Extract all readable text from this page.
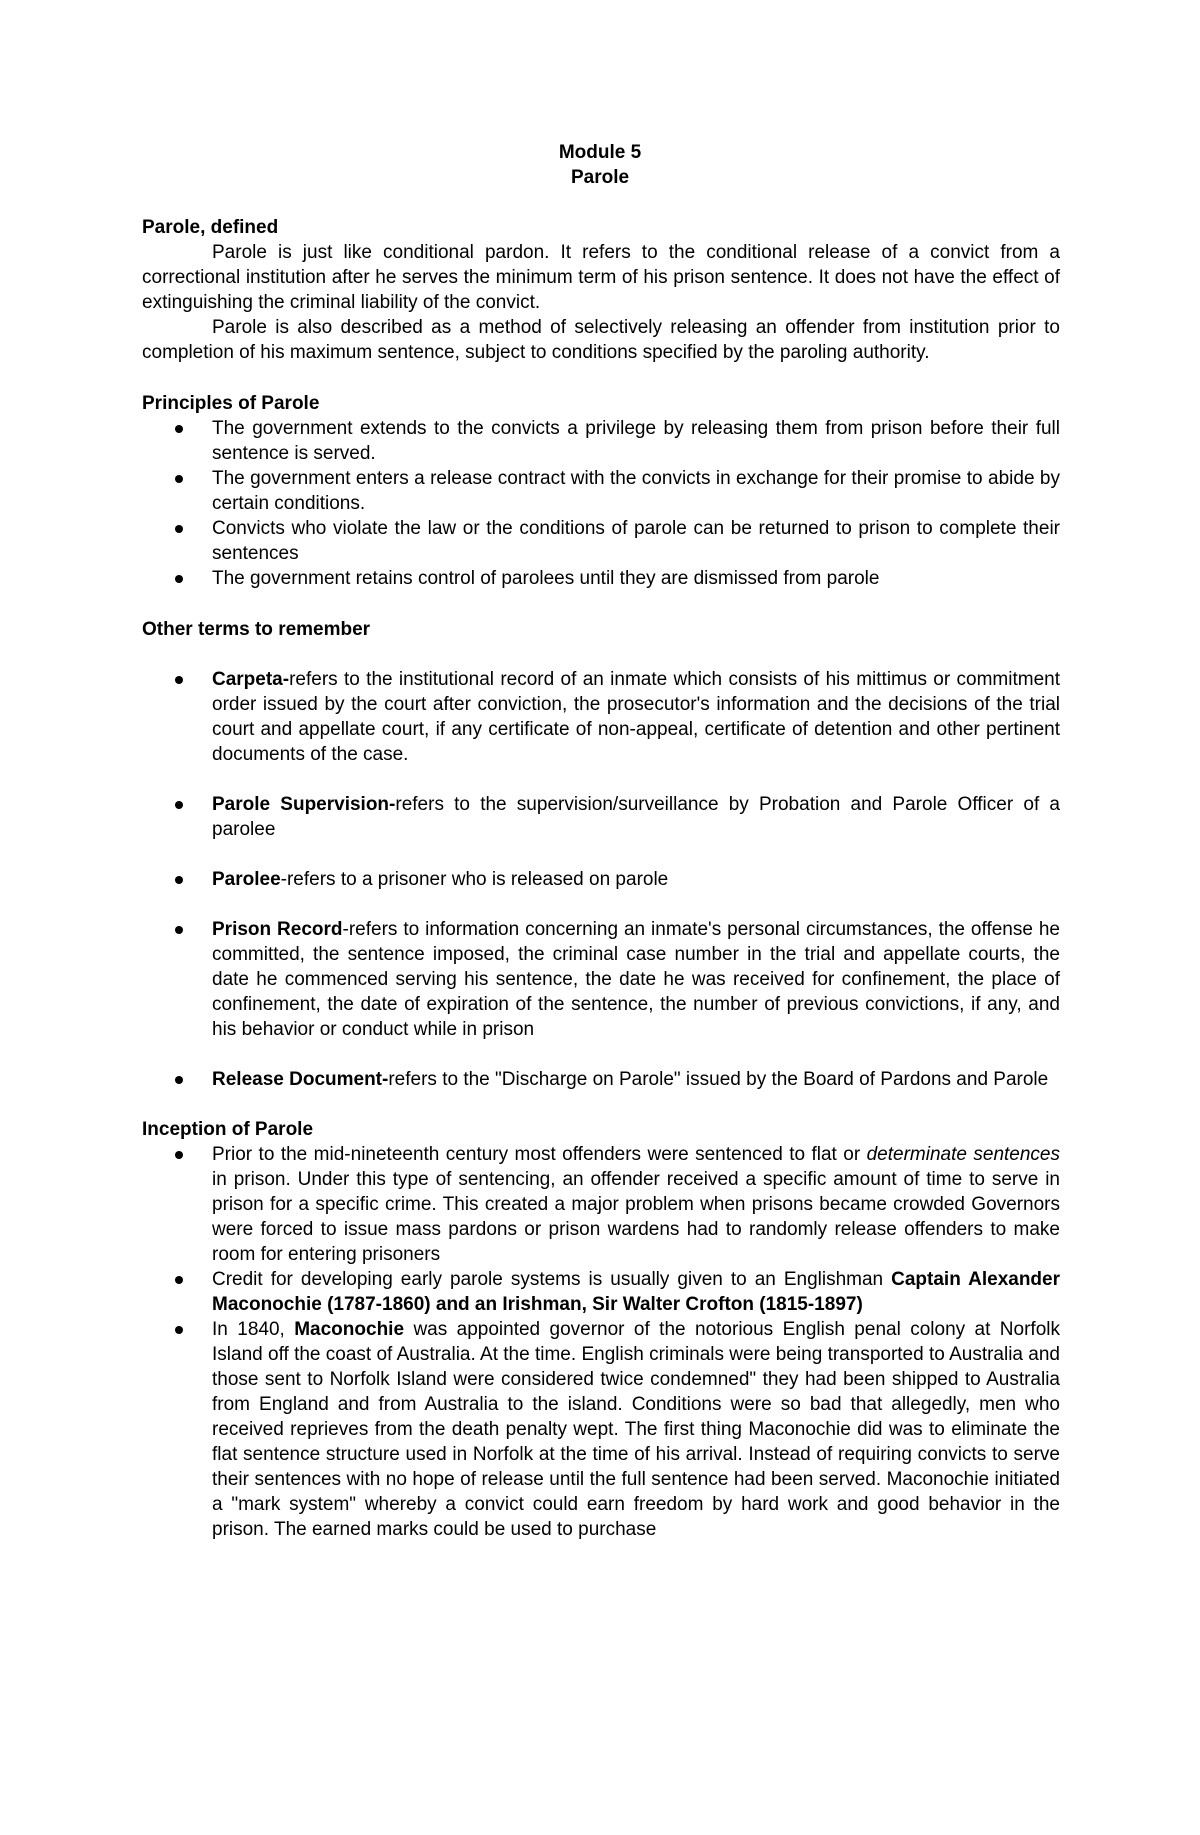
Module 5
Parole

Parole, defined

Parole is just like conditional pardon. It refers to the conditional release of a convict from a correctional institution after he serves the minimum term of his prison sentence. It does not have the effect of extinguishing the criminal liability of the convict.

Parole is also described as a method of selectively releasing an offender from institution prior to completion of his maximum sentence, subject to conditions specified by the paroling authority.

Principles of Parole

The government extends to the convicts a privilege by releasing them from prison before their full sentence is served.
The government enters a release contract with the convicts in exchange for their promise to abide by certain conditions.
Convicts who violate the law or the conditions of parole can be returned to prison to complete their sentences
The government retains control of parolees until they are dismissed from parole

Other terms to remember

Carpeta-refers to the institutional record of an inmate which consists of his mittimus or commitment order issued by the court after conviction, the prosecutor's information and the decisions of the trial court and appellate court, if any certificate of non-appeal, certificate of detention and other pertinent documents of the case.
Parole Supervision-refers to the supervision/surveillance by Probation and Parole Officer of a parolee
Parolee-refers to a prisoner who is released on parole
Prison Record-refers to information concerning an inmate's personal circumstances, the offense he committed, the sentence imposed, the criminal case number in the trial and appellate courts, the date he commenced serving his sentence, the date he was received for confinement, the place of confinement, the date of expiration of the sentence, the number of previous convictions, if any, and his behavior or conduct while in prison
Release Document-refers to the "Discharge on Parole" issued by the Board of Pardons and Parole

Inception of Parole

Prior to the mid-nineteenth century most offenders were sentenced to flat or determinate sentences in prison. Under this type of sentencing, an offender received a specific amount of time to serve in prison for a specific crime. This created a major problem when prisons became crowded Governors were forced to issue mass pardons or prison wardens had to randomly release offenders to make room for entering prisoners
Credit for developing early parole systems is usually given to an Englishman Captain Alexander Maconochie (1787-1860) and an Irishman, Sir Walter Crofton (1815-1897)
In 1840, Maconochie was appointed governor of the notorious English penal colony at Norfolk Island off the coast of Australia. At the time. English criminals were being transported to Australia and those sent to Norfolk Island were considered twice condemned" they had been shipped to Australia from England and from Australia to the island. Conditions were so bad that allegedly, men who received reprieves from the death penalty wept. The first thing Maconochie did was to eliminate the flat sentence structure used in Norfolk at the time of his arrival. Instead of requiring convicts to serve their sentences with no hope of release until the full sentence had been served. Maconochie initiated a "mark system" whereby a convict could earn freedom by hard work and good behavior in the prison. The earned marks could be used to purchase
